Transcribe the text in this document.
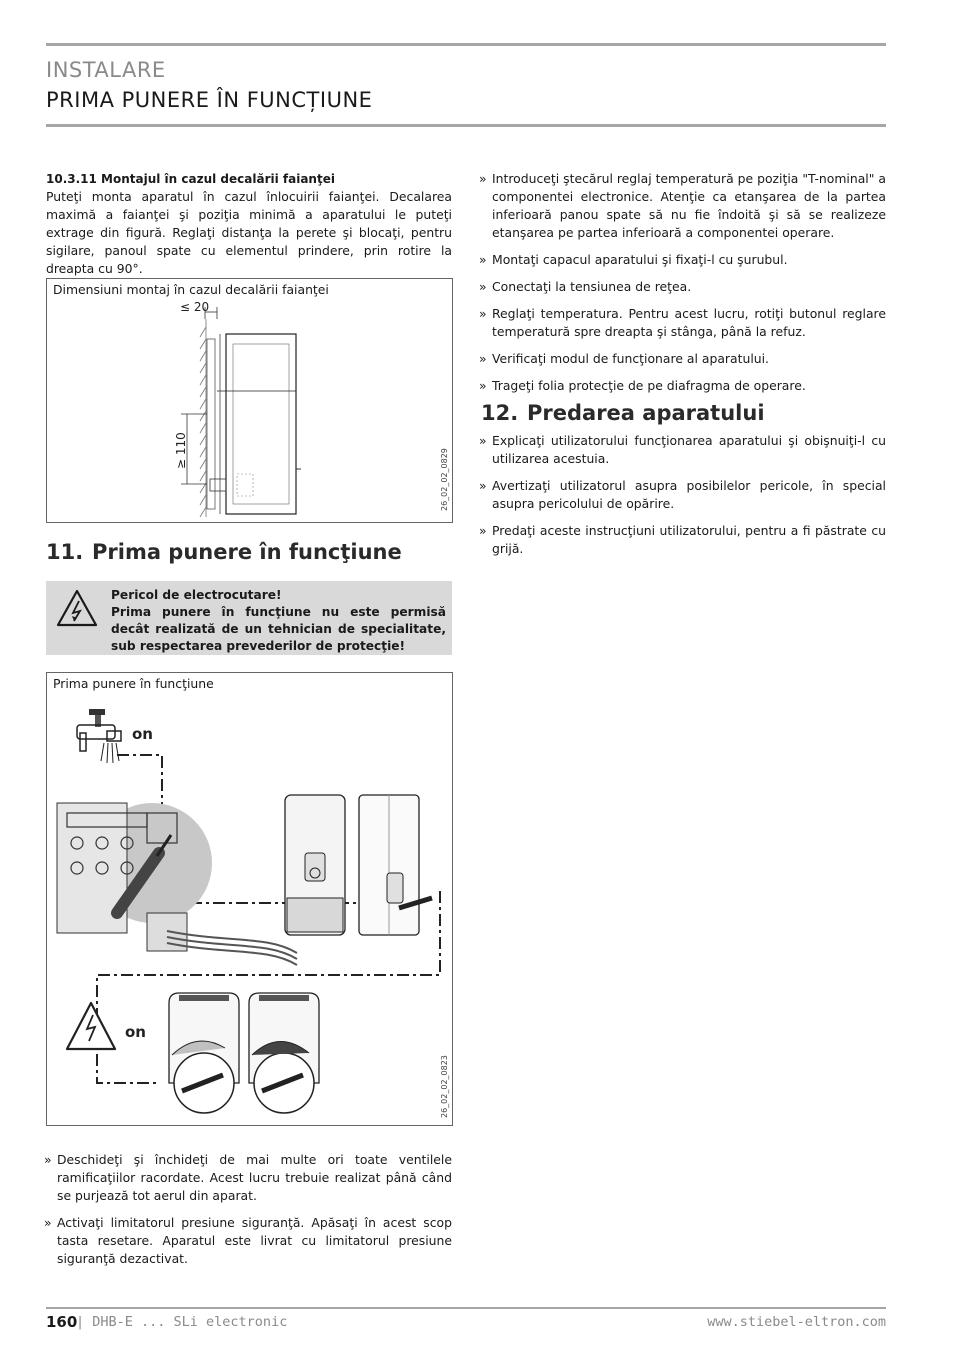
INSTALARE
PRIMA PUNERE ÎN FUNCȚIUNE
10.3.11 Montajul în cazul decalării faianţei

Puteţi monta aparatul în cazul înlocuirii faianţei. Decalarea maximă a faianţei şi poziţia minimă a aparatului le puteţi extrage din figură. Reglaţi distanţa la perete şi blocaţi, pentru sigilare, panoul spate cu elementul prindere, prin rotire la dreapta cu 90°.

Dimensiuni montaj în cazul decalării faianţei
≤ 20
≥ 110	26_02_02_0829
11. Prima punere în funcţiune
Pericol de electrocutare!
Prima punere în funcţiune nu este permisă decât realizată de un tehnician de specialitate, sub respectarea prevederilor de protecţie!
Prima punere în funcţiune
on
on
26_02_02_0823
» Deschideţi şi închideţi de mai multe ori toate ventilele ramificaţiilor racordate. Acest lucru trebuie realizat până când se purjează tot aerul din aparat.
» Activaţi limitatorul presiune siguranţă. Apăsaţi în acest scop tasta resetare. Aparatul este livrat cu limitatorul presiune siguranţă dezactivat.
» Introduceţi ştecărul reglaj temperatură pe poziţia "T-nominal" a componentei electronice. Atenţie ca etanşarea de la partea inferioară panou spate să nu fie îndoită şi să se realizeze etanşarea pe partea inferioară a componentei operare.
» Montaţi capacul aparatului şi fixaţi-l cu şurubul.
» Conectaţi la tensiunea de reţea.
» Reglaţi temperatura. Pentru acest lucru, rotiţi butonul reglare temperatură spre dreapta şi stânga, până la refuz.
» Verificaţi modul de funcţionare al aparatului.
» Trageţi folia protecţie de pe diafragma de operare.
12. Predarea aparatului
» Explicaţi utilizatorului funcţionarea aparatului şi obişnuiţi-l cu utilizarea acestuia.
» Avertizaţi utilizatorul asupra posibilelor pericole, în special asupra pericolului de opărire.
» Predaţi aceste instrucţiuni utilizatorului, pentru a fi păstrate cu grijă.
160
| DHB-E ... SLi electronic	www.stiebel-eltron.com
